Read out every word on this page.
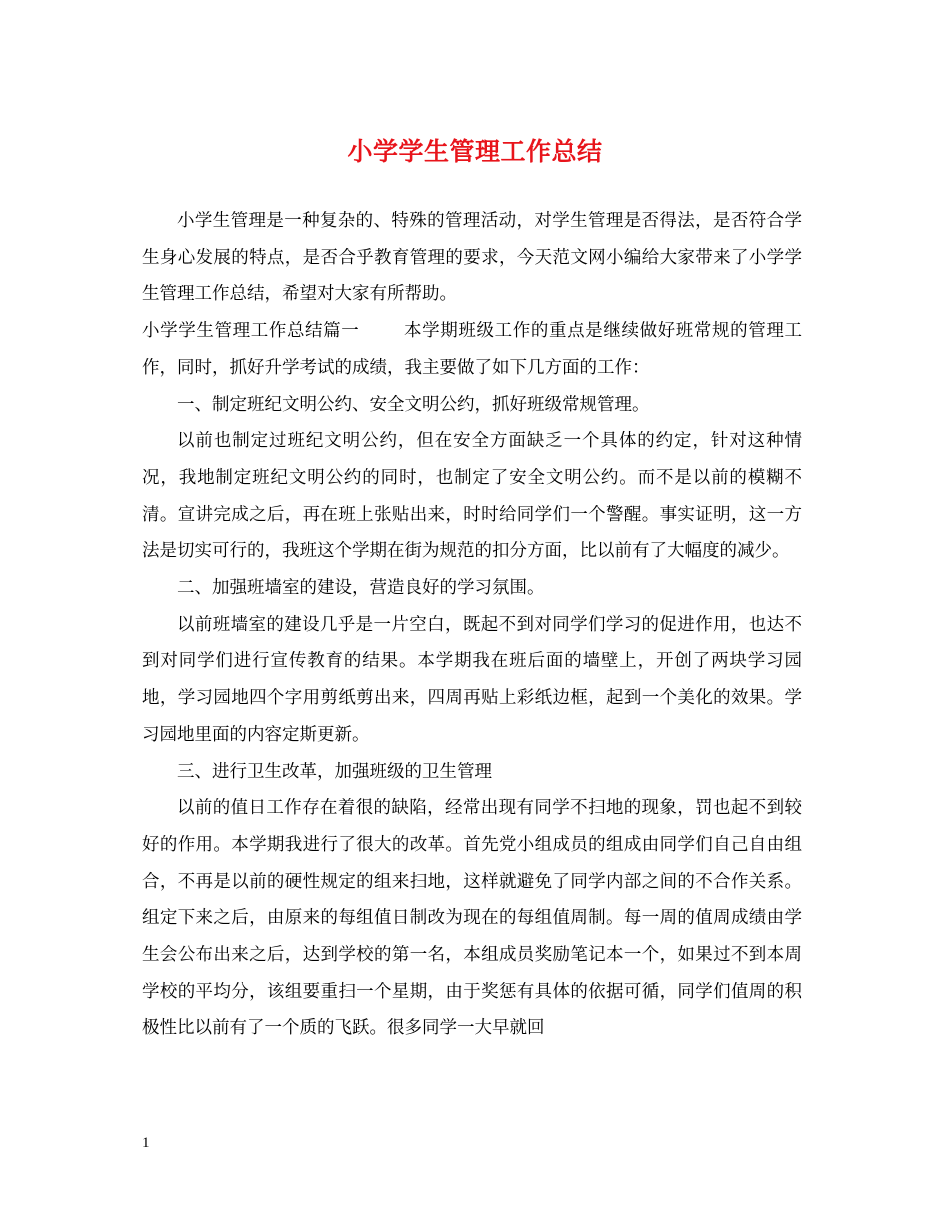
小学学生管理工作总结

小学生管理是一种复杂的、特殊的管理活动，对学生管理是否得法，是否符合学生身心发展的特点，是否合乎教育管理的要求，今天范文网小编给大家带来了小学学生管理工作总结，希望对大家有所帮助。

小学学生管理工作总结篇一	本学期班级工作的重点是继续做好班常规的管理工作，同时，抓好升学考试的成绩，我主要做了如下几方面的工作：

一、制定班纪文明公约、安全文明公约，抓好班级常规管理。

以前也制定过班纪文明公约，但在安全方面缺乏一个具体的约定，针对这种情况，我地制定班纪文明公约的同时，也制定了安全文明公约。而不是以前的模糊不清。宣讲完成之后，再在班上张贴出来，时时给同学们一个警醒。事实证明，这一方法是切实可行的，我班这个学期在街为规范的扣分方面，比以前有了大幅度的减少。

二、加强班墙室的建设，营造良好的学习氛围。

以前班墙室的建设几乎是一片空白，既起不到对同学们学习的促进作用，也达不到对同学们进行宣传教育的结果。本学期我在班后面的墙壁上，开创了两块学习园地，学习园地四个字用剪纸剪出来，四周再贴上彩纸边框，起到一个美化的效果。学习园地里面的内容定斯更新。

三、进行卫生改革，加强班级的卫生管理

以前的值日工作存在着很的缺陷，经常出现有同学不扫地的现象，罚也起不到较好的作用。本学期我进行了很大的改革。首先党小组成员的组成由同学们自己自由组合，不再是以前的硬性规定的组来扫地，这样就避免了同学内部之间的不合作关系。组定下来之后，由原来的每组值日制改为现在的每组值周制。每一周的值周成绩由学生会公布出来之后，达到学校的第一名，本组成员奖励笔记本一个，如果过不到本周学校的平均分，该组要重扫一个星期，由于奖惩有具体的依据可循，同学们值周的积极性比以前有了一个质的飞跃。很多同学一大早就回

1
